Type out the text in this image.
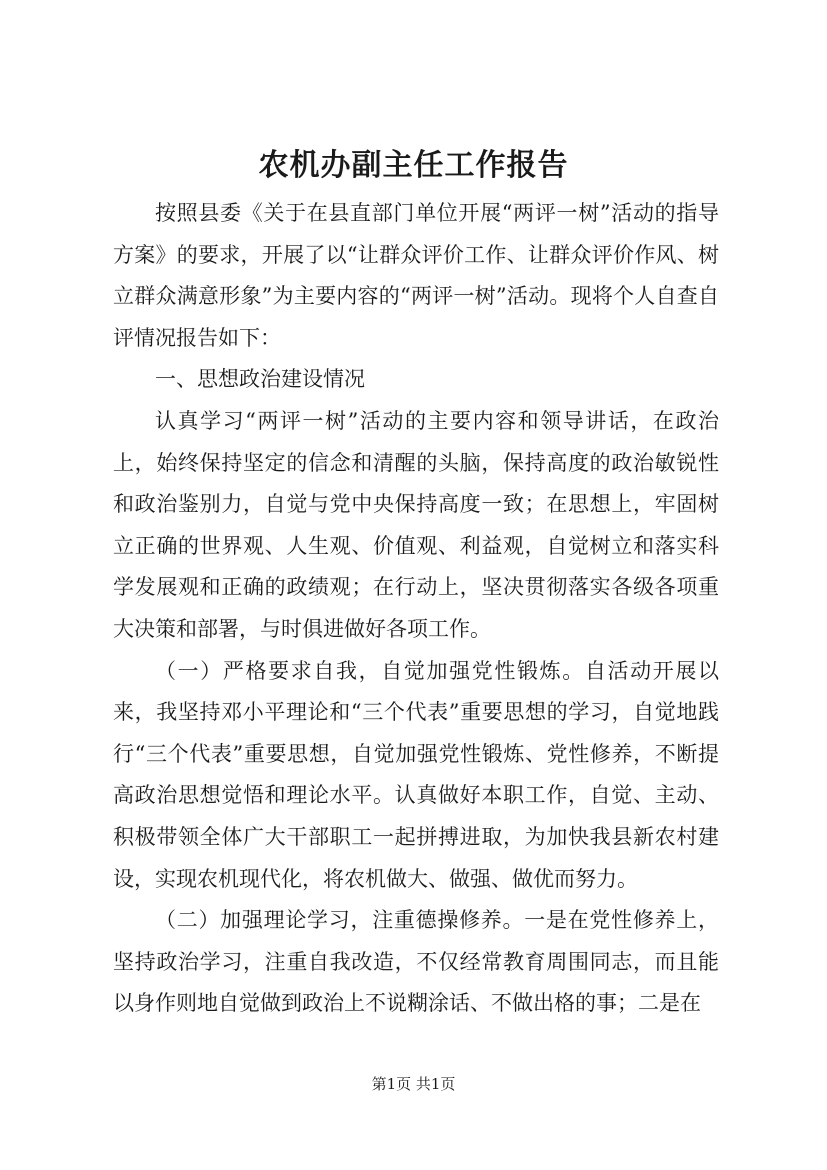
农机办副主任工作报告

按照县委《关于在县直部门单位开展“两评一树”活动的指导方案》的要求，开展了以“让群众评价工作、让群众评价作风、树立群众满意形象”为主要内容的“两评一树”活动。现将个人自查自评情况报告如下：

一、思想政治建设情况

认真学习“两评一树”活动的主要内容和领导讲话，在政治上，始终保持坚定的信念和清醒的头脑，保持高度的政治敏锐性和政治鉴别力，自觉与党中央保持高度一致；在思想上，牢固树立正确的世界观、人生观、价值观、利益观，自觉树立和落实科学发展观和正确的政绩观；在行动上，坚决贯彻落实各级各项重大决策和部署，与时俱进做好各项工作。

（一）严格要求自我，自觉加强党性锻炼。自活动开展以来，我坚持邓小平理论和“三个代表”重要思想的学习，自觉地践行“三个代表”重要思想，自觉加强党性锻炼、党性修养，不断提高政治思想觉悟和理论水平。认真做好本职工作，自觉、主动、积极带领全体广大干部职工一起拼搏进取，为加快我县新农村建设，实现农机现代化，将农机做大、做强、做优而努力。

（二）加强理论学习，注重德操修养。一是在党性修养上，坚持政治学习，注重自我改造，不仅经常教育周围同志，而且能以身作则地自觉做到政治上不说糊涂话、不做出格的事；二是在

第1页 共1页
